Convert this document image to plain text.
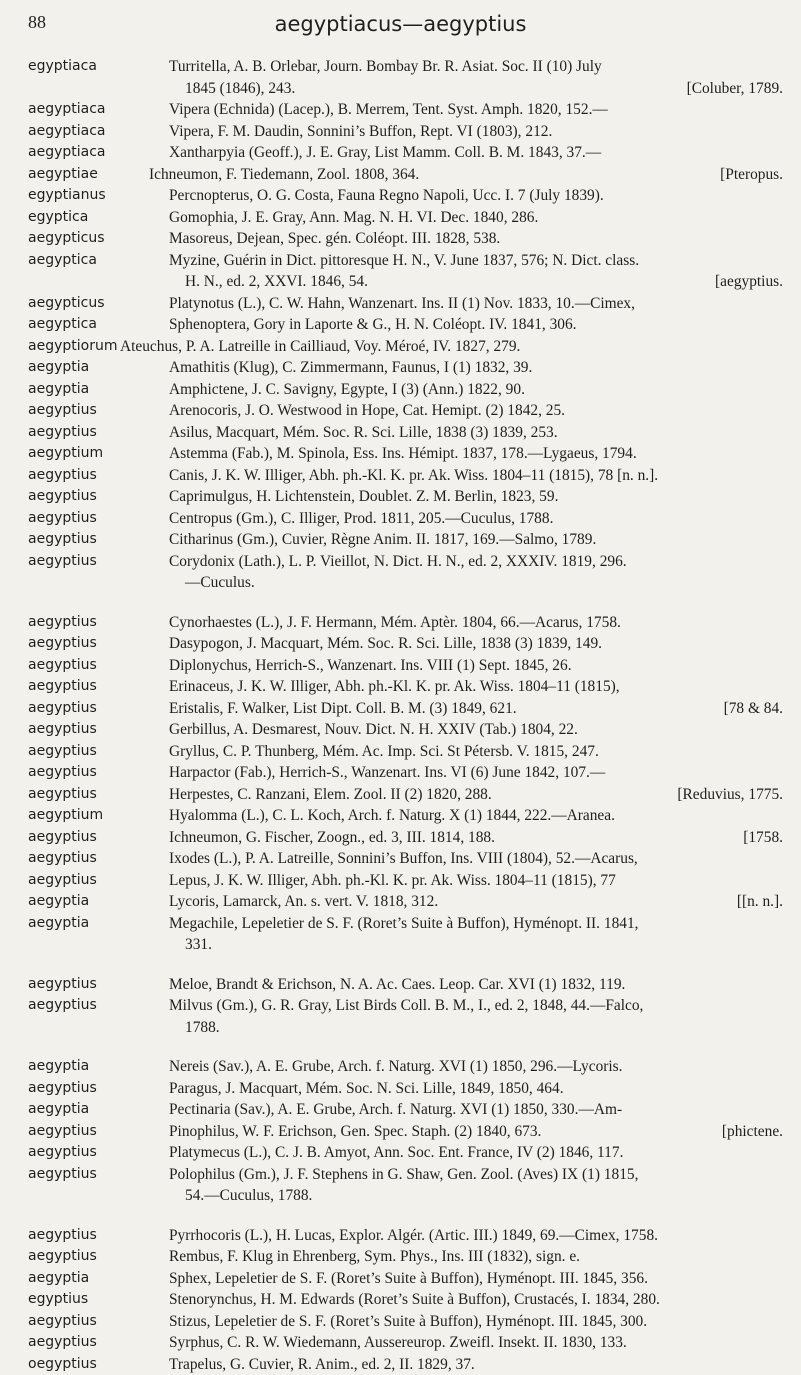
88	aegyptiacus—aegyptius
egyptiaca	Turritella, A. B. Orlebar, Journ. Bombay Br. R. Asiat. Soc. II (10) July
1845 (1846), 243.	[Coluber, 1789.
aegyptiaca	Vipera (Echnida) (Lacep.), B. Merrem, Tent. Syst. Amph. 1820, 152.—
aegyptiaca	Vipera, F. M. Daudin, Sonnini’s Buffon, Rept. VI (1803), 212.
aegyptiaca	Xantharpyia (Geoff.), J. E. Gray, List Mamm. Coll. B. M. 1843, 37.—
aegyptiae	Ichneumon, F. Tiedemann, Zool. 1808, 364.	[Pteropus.
egyptianus	Percnopterus, O. G. Costa, Fauna Regno Napoli, Ucc. I. 7 (July 1839).
egyptica	Gomophia, J. E. Gray, Ann. Mag. N. H. VI. Dec. 1840, 286.
aegypticus	Masoreus, Dejean, Spec. gén. Coléopt. III. 1828, 538.
aegyptica	Myzine, Guérin in Dict. pittoresque H. N., V. June 1837, 576; N. Dict. class.
H. N., ed. 2, XXVI. 1846, 54.	[aegyptius.
aegypticus	Platynotus (L.), C. W. Hahn, Wanzenart. Ins. II (1) Nov. 1833, 10.—Cimex,
aegyptica	Sphenoptera, Gory in Laporte & G., H. N. Coléopt. IV. 1841, 306.
aegyptiorum Ateuchus, P. A. Latreille in Cailliaud, Voy. Méroé, IV. 1827, 279.
aegyptia	Amathitis (Klug), C. Zimmermann, Faunus, I (1) 1832, 39.
aegyptia	Amphictene, J. C. Savigny, Egypte, I (3) (Ann.) 1822, 90.
aegyptius	Arenocoris, J. O. Westwood in Hope, Cat. Hemipt. (2) 1842, 25.
aegyptius	Asilus, Macquart, Mém. Soc. R. Sci. Lille, 1838 (3) 1839, 253.
aegyptium	Astemma (Fab.), M. Spinola, Ess. Ins. Hémipt. 1837, 178.—Lygaeus, 1794.
aegyptius	Canis, J. K. W. Illiger, Abh. ph.-Kl. K. pr. Ak. Wiss. 1804–11 (1815), 78 [n. n.].
aegyptius	Caprimulgus, H. Lichtenstein, Doublet. Z. M. Berlin, 1823, 59.
aegyptius	Centropus (Gm.), C. Illiger, Prod. 1811, 205.—Cuculus, 1788.
aegyptius	Citharinus (Gm.), Cuvier, Règne Anim. II. 1817, 169.—Salmo, 1789.
aegyptius	Corydonix (Lath.), L. P. Vieillot, N. Dict. H. N., ed. 2, XXXIV. 1819, 296.
—Cuculus.
aegyptius	Cynorhaestes (L.), J. F. Hermann, Mém. Aptèr. 1804, 66.—Acarus, 1758.
aegyptius	Dasypogon, J. Macquart, Mém. Soc. R. Sci. Lille, 1838 (3) 1839, 149.
aegyptius	Diplonychus, Herrich-S., Wanzenart. Ins. VIII (1) Sept. 1845, 26.
aegyptius	Erinaceus, J. K. W. Illiger, Abh. ph.-Kl. K. pr. Ak. Wiss. 1804–11 (1815),
aegyptius	Eristalis, F. Walker, List Dipt. Coll. B. M. (3) 1849, 621.	[78 & 84.
aegyptius	Gerbillus, A. Desmarest, Nouv. Dict. N. H. XXIV (Tab.) 1804, 22.
aegyptius	Gryllus, C. P. Thunberg, Mém. Ac. Imp. Sci. St Pétersb. V. 1815, 247.
aegyptius	Harpactor (Fab.), Herrich-S., Wanzenart. Ins. VI (6) June 1842, 107.—
aegyptius	Herpestes, C. Ranzani, Elem. Zool. II (2) 1820, 288.	[Reduvius, 1775.
aegyptium	Hyalomma (L.), C. L. Koch, Arch. f. Naturg. X (1) 1844, 222.—Aranea.
aegyptius	Ichneumon, G. Fischer, Zoogn., ed. 3, III. 1814, 188.	[1758.
aegyptius	Ixodes (L.), P. A. Latreille, Sonnini’s Buffon, Ins. VIII (1804), 52.—Acarus,
aegyptius	Lepus, J. K. W. Illiger, Abh. ph.-Kl. K. pr. Ak. Wiss. 1804–11 (1815), 77
aegyptia	Lycoris, Lamarck, An. s. vert. V. 1818, 312.	[[n. n.].
aegyptia	Megachile, Lepeletier de S. F. (Roret’s Suite à Buffon), Hyménopt. II. 1841,
331.
aegyptius	Meloe, Brandt & Erichson, N. A. Ac. Caes. Leop. Car. XVI (1) 1832, 119.
aegyptius	Milvus (Gm.), G. R. Gray, List Birds Coll. B. M., I., ed. 2, 1848, 44.—Falco,
1788.
aegyptia	Nereis (Sav.), A. E. Grube, Arch. f. Naturg. XVI (1) 1850, 296.—Lycoris.
aegyptius	Paragus, J. Macquart, Mém. Soc. N. Sci. Lille, 1849, 1850, 464.
aegyptia	Pectinaria (Sav.), A. E. Grube, Arch. f. Naturg. XVI (1) 1850, 330.—Am-
aegyptius	Pinophilus, W. F. Erichson, Gen. Spec. Staph. (2) 1840, 673.	[phictene.
aegyptius	Platymecus (L.), C. J. B. Amyot, Ann. Soc. Ent. France, IV (2) 1846, 117.
aegyptius	Polophilus (Gm.), J. F. Stephens in G. Shaw, Gen. Zool. (Aves) IX (1) 1815,
54.—Cuculus, 1788.
aegyptius	Pyrrhocoris (L.), H. Lucas, Explor. Algér. (Artic. III.) 1849, 69.—Cimex, 1758.
aegyptius	Rembus, F. Klug in Ehrenberg, Sym. Phys., Ins. III (1832), sign. e.
aegyptia	Sphex, Lepeletier de S. F. (Roret’s Suite à Buffon), Hyménopt. III. 1845, 356.
egyptius	Stenorynchus, H. M. Edwards (Roret’s Suite à Buffon), Crustacés, I. 1834, 280.
aegyptius	Stizus, Lepeletier de S. F. (Roret’s Suite à Buffon), Hyménopt. III. 1845, 300.
aegyptius	Syrphus, C. R. W. Wiedemann, Aussereurop. Zweifl. Insekt. II. 1830, 133.
oegyptius	Trapelus, G. Cuvier, R. Anim., ed. 2, II. 1829, 37.
